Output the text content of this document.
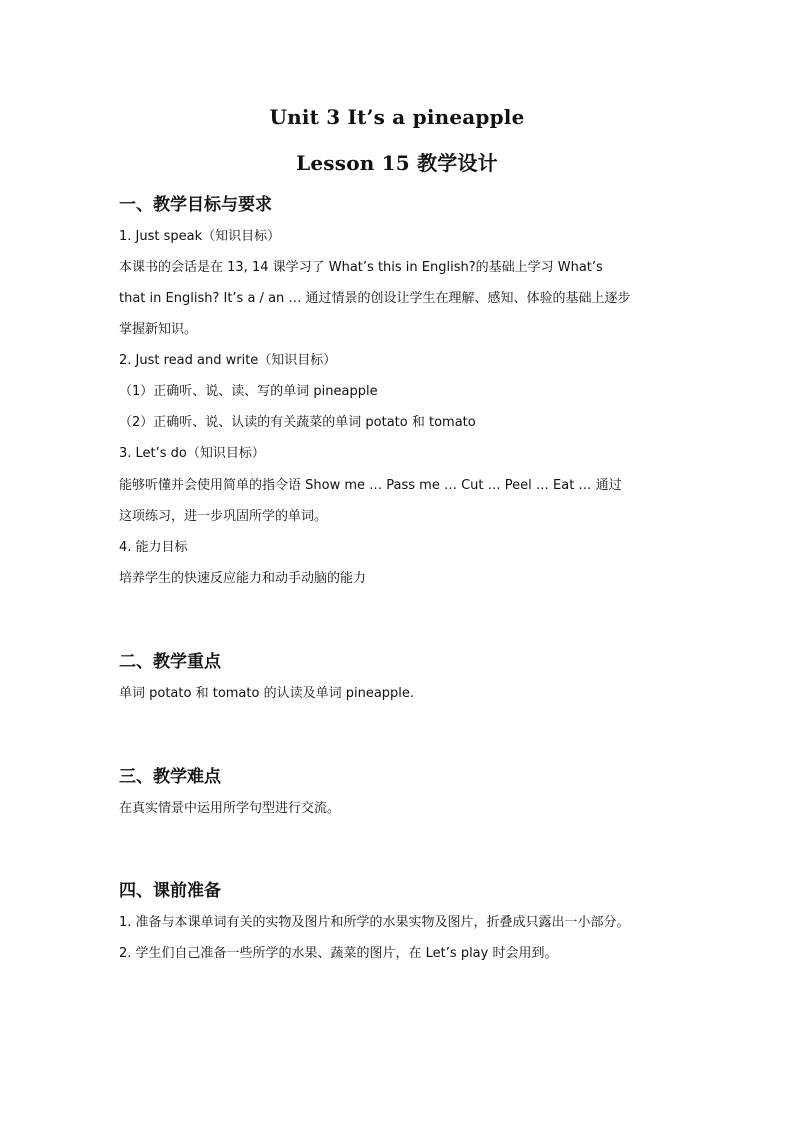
Unit 3 It’s a pineapple
Lesson 15 教学设计
一、教学目标与要求
1. Just speak（知识目标）
本课书的会话是在 13, 14 课学习了 What’s this in English?的基础上学习 What’s
that in English? It’s a / an … 通过情景的创设让学生在理解、感知、体验的基础上逐步
掌握新知识。
2. Just read and write（知识目标）
（1）正确听、说、读、写的单词 pineapple
（2）正确听、说、认读的有关蔬菜的单词 potato 和 tomato
3. Let’s do（知识目标）
能够听懂并会使用简单的指令语 Show me … Pass me … Cut … Peel … Eat … 通过
这项练习，进一步巩固所学的单词。
4. 能力目标
培养学生的快速反应能力和动手动脑的能力
二、教学重点
单词 potato 和 tomato 的认读及单词 pineapple.
三、教学难点
在真实情景中运用所学句型进行交流。
四、课前准备
1. 准备与本课单词有关的实物及图片和所学的水果实物及图片，折叠成只露出一小部分。
2. 学生们自己准备一些所学的水果、蔬菜的图片，在 Let’s play 时会用到。
